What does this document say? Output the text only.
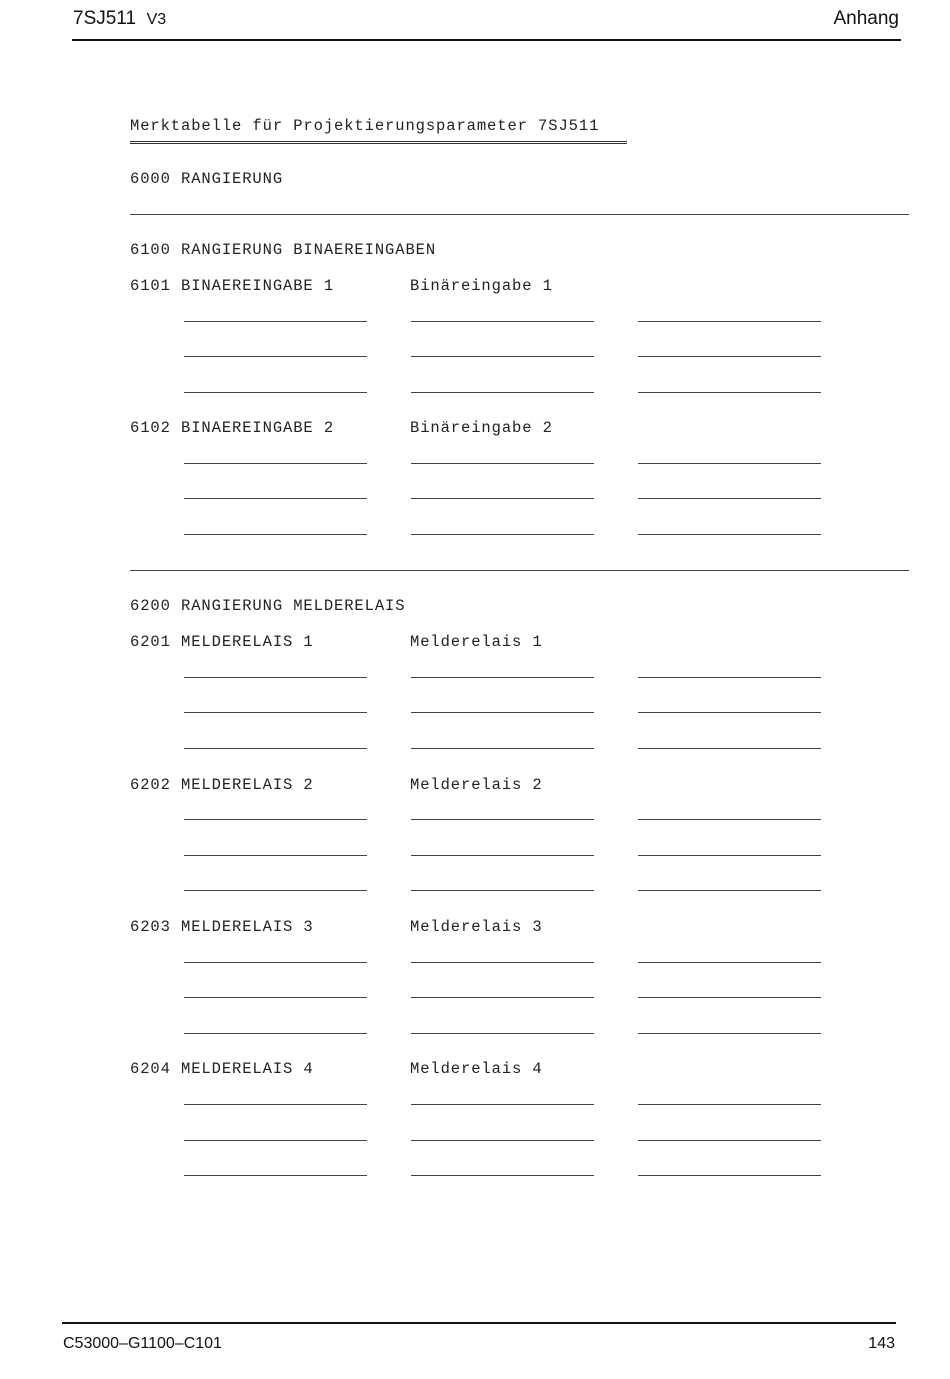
7SJ511 V3	Anhang
Merktabelle für Projektierungsparameter 7SJ511
6000 RANGIERUNG
6100 RANGIERUNG BINAEREINGABEN
6101 BINAEREINGABE 1	Binäreingabe 1
6102 BINAEREINGABE 2	Binäreingabe 2
6200 RANGIERUNG MELDERELAIS
6201 MELDERELAIS 1	Melderelais 1
6202 MELDERELAIS 2	Melderelais 2
6203 MELDERELAIS 3	Melderelais 3
6204 MELDERELAIS 4	Melderelais 4
C53000‒G1100‒C101	143
